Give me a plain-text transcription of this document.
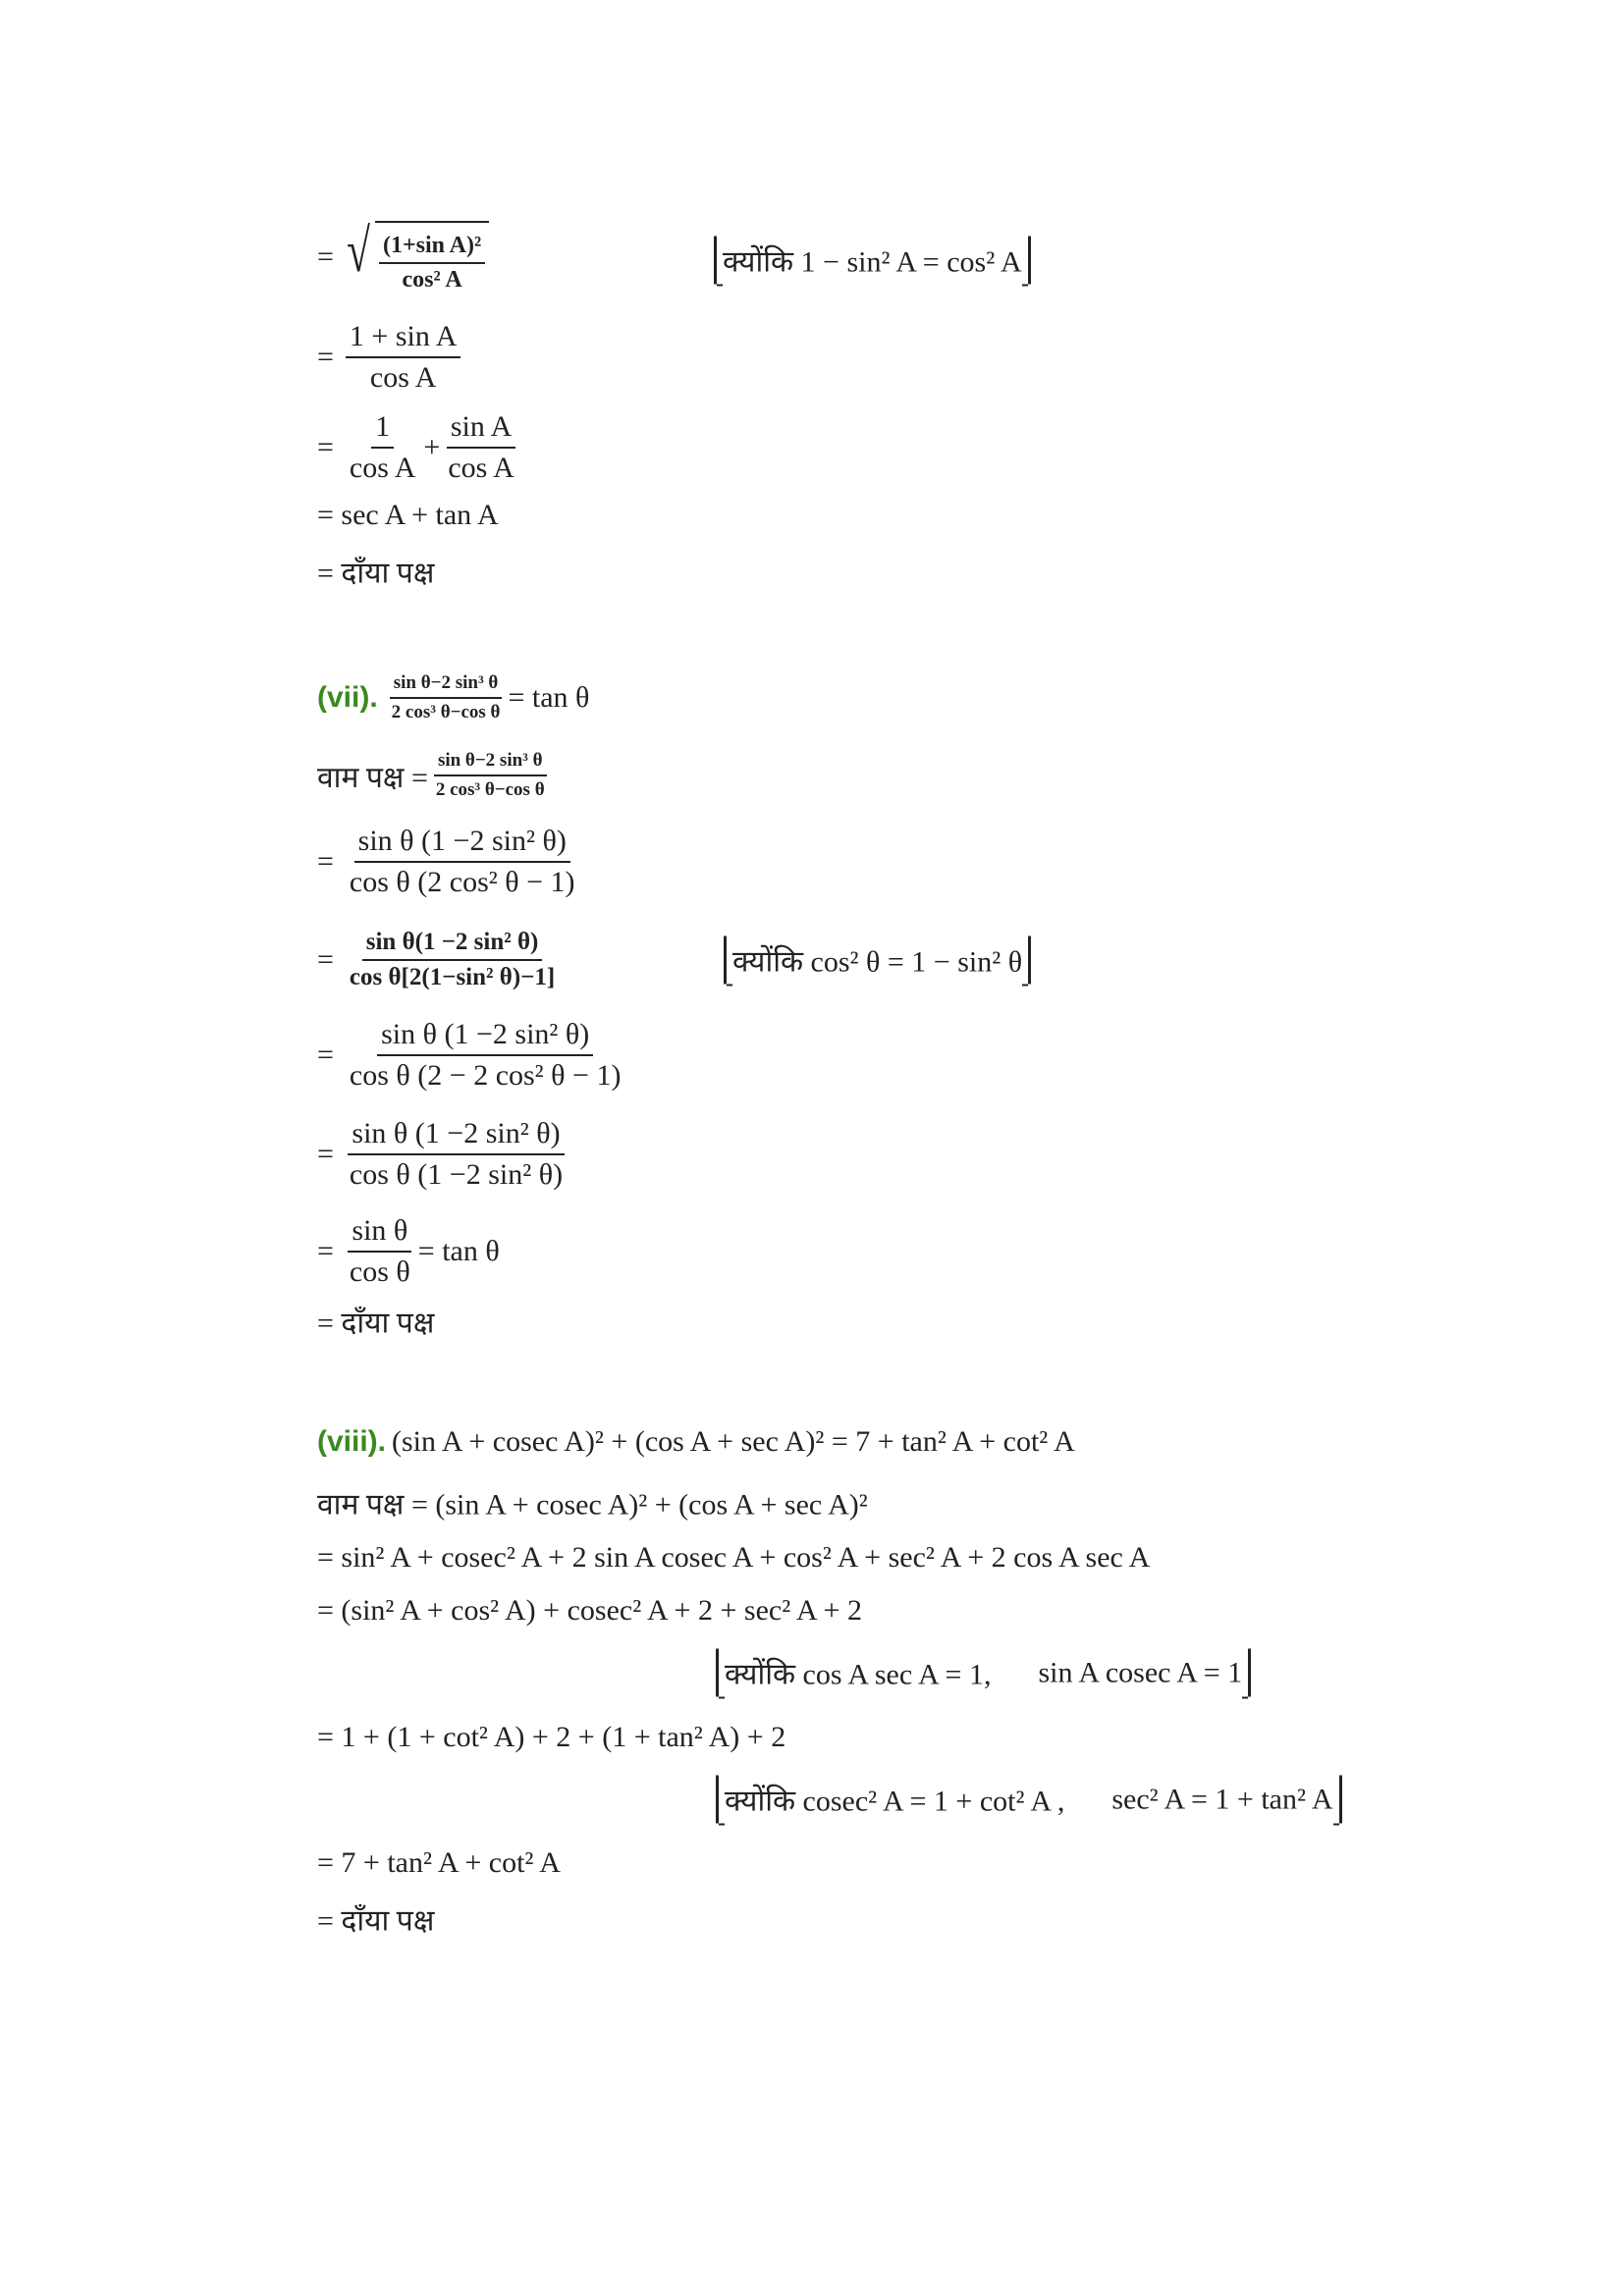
= √ $\frac{\text{(1+sin A)²}}{\text{cos² A}}$	क्योंकि 1 − sin² A = cos² A
= $\frac{\text{1 + sin A}}{\text{cos A}}$
= $\frac{1}{\text{cos A}} + \frac{\text{sin A}}{\text{cos A}}$
= sec A + tan A
= दाँया पक्ष
(vii). $\frac{\text{sin θ−2 sin³ θ}}{\text{2 cos³ θ−cos θ}} = \tan \theta$
वाम पक्ष = $\frac{\text{sin θ−2 sin³ θ}}{\text{2 cos³ θ−cos θ}}$
= $\frac{\text{sin θ (1 −2 sin² θ)}}{\text{cos θ (2 cos² θ − 1)}}$
= $\frac{\text{sin θ(1 −2 sin² θ)}}{\text{cos θ[2(1−sin² θ)−1]}}$	क्योंकि cos² θ = 1 − sin² θ
= $\frac{\text{sin θ (1 −2 sin² θ)}}{\text{cos θ (2 − 2 cos² θ − 1)}}$
= $\frac{\text{sin θ (1 −2 sin² θ)}}{\text{cos θ (1 −2 sin² θ)}}$
= $\frac{\text{sin θ}}{\text{cos θ}} = \tan \theta$
= दाँया पक्ष
(viii). (sin A + cosec A)² + (cos A + sec A)² = 7 + tan² A + cot² A
वाम पक्ष = (sin A + cosec A)² + (cos A + sec A)²
= sin² A + cosec² A + 2 sin A cosec A + cos² A + sec² A + 2 cos A sec A
= (sin² A + cos² A) + cosec² A + 2 + sec² A + 2
क्योंकि cos A sec A = 1, sin A cosec A = 1
= 1 + (1 + cot² A) + 2 + (1 + tan² A) + 2
क्योंकि cosec² A = 1 + cot² A , sec² A = 1 + tan² A
= 7 + tan² A + cot² A
= दाँया पक्ष
